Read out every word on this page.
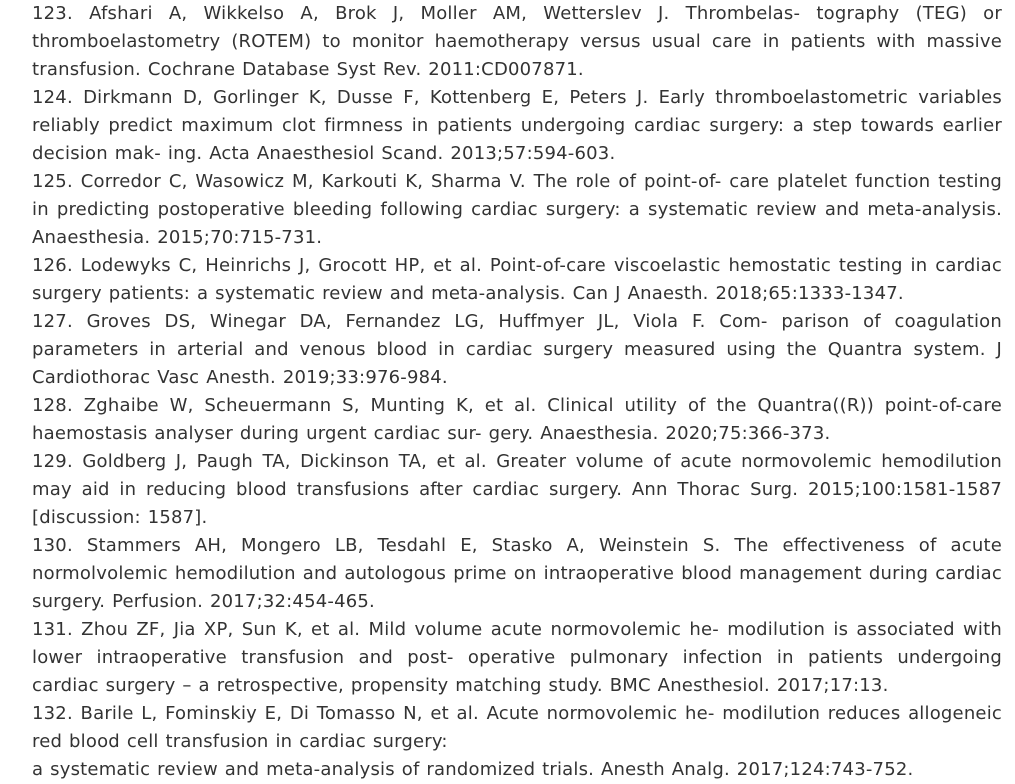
123. Afshari A, Wikkelso A, Brok J, Moller AM, Wetterslev J. Thrombelas- tography (TEG) or thromboelastometry (ROTEM) to monitor haemotherapy versus usual care in patients with massive transfusion. Cochrane Database Syst Rev. 2011:CD007871.

124. Dirkmann D, Gorlinger K, Dusse F, Kottenberg E, Peters J. Early thromboelastometric variables reliably predict maximum clot firmness in patients undergoing cardiac surgery: a step towards earlier decision mak- ing. Acta Anaesthesiol Scand. 2013;57:594-603.

125. Corredor C, Wasowicz M, Karkouti K, Sharma V. The role of point-of- care platelet function testing in predicting postoperative bleeding following cardiac surgery: a systematic review and meta-analysis. Anaesthesia. 2015;70:715-731.

126. Lodewyks C, Heinrichs J, Grocott HP, et al. Point-of-care viscoelastic hemostatic testing in cardiac surgery patients: a systematic review and meta-analysis. Can J Anaesth. 2018;65:1333-1347.

127. Groves DS, Winegar DA, Fernandez LG, Huffmyer JL, Viola F. Com- parison of coagulation parameters in arterial and venous blood in cardiac surgery measured using the Quantra system. J Cardiothorac Vasc Anesth. 2019;33:976-984.

128. Zghaibe W, Scheuermann S, Munting K, et al. Clinical utility of the Quantra((R)) point-of-care haemostasis analyser during urgent cardiac sur- gery. Anaesthesia. 2020;75:366-373.

129. Goldberg J, Paugh TA, Dickinson TA, et al. Greater volume of acute normovolemic hemodilution may aid in reducing blood transfusions after cardiac surgery. Ann Thorac Surg. 2015;100:1581-1587 [discussion: 1587].

130. Stammers AH, Mongero LB, Tesdahl E, Stasko A, Weinstein S. The effectiveness of acute normolvolemic hemodilution and autologous prime on intraoperative blood management during cardiac surgery. Perfusion. 2017;32:454-465.

131. Zhou ZF, Jia XP, Sun K, et al. Mild volume acute normovolemic he- modilution is associated with lower intraoperative transfusion and post- operative pulmonary infection in patients undergoing cardiac surgery – a retrospective, propensity matching study. BMC Anesthesiol. 2017;17:13.

132. Barile L, Fominskiy E, Di Tomasso N, et al. Acute normovolemic he- modilution reduces allogeneic red blood cell transfusion in cardiac surgery:

a systematic review and meta-analysis of randomized trials. Anesth Analg. 2017;124:743-752.
